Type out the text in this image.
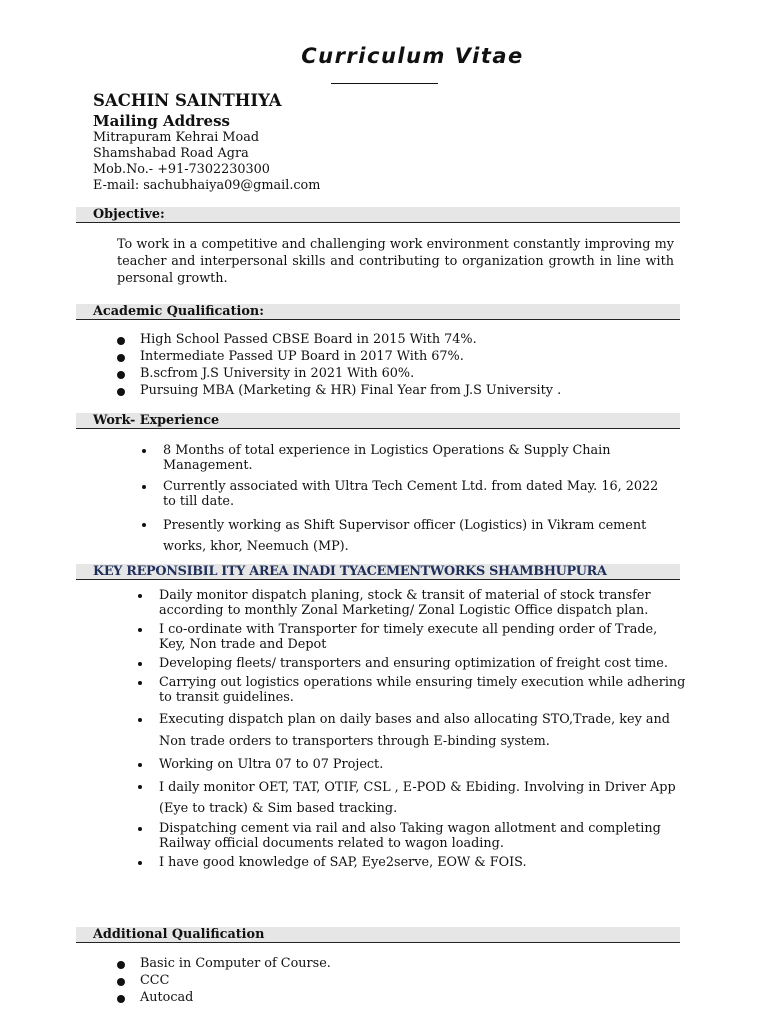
Curriculum Vitae
SACHIN SAINTHIYA
Mailing Address
Mitrapuram Kehrai Moad
Shamshabad Road Agra
Mob.No.- +91-7302230300
E-mail: sachubhaiya09@gmail.com
Objective:
To work in a competitive and challenging work environment constantly improving my teacher and interpersonal skills and contributing to organization growth in line with personal growth.
Academic Qualification:
High School Passed CBSE Board in 2015 With 74%.
Intermediate Passed UP Board in 2017 With 67%.
B.scfrom J.S University in 2021 With 60%.
Pursuing MBA (Marketing & HR) Final Year from J.S University .
Work- Experience
8 Months of total experience in Logistics Operations & Supply Chain Management.
Currently associated with Ultra Tech Cement Ltd. from dated May. 16, 2022 to till date.
Presently working as Shift Supervisor officer (Logistics) in Vikram cement works, khor, Neemuch (MP).
KEY REPONSIBIL ITY AREA INADI TYACEMENTWORKS SHAMBHUPURA
Daily monitor dispatch planing, stock & transit of material of stock transfer according to monthly Zonal Marketing/ Zonal Logistic Office dispatch plan.
I co-ordinate with Transporter for timely execute all pending order of Trade, Key, Non trade and Depot
Developing fleets/ transporters and ensuring optimization of freight cost time.
Carrying out logistics operations while ensuring timely execution while adhering to transit guidelines.
Executing dispatch plan on daily bases and also allocating STO,Trade, key and Non trade orders to transporters through E-binding system.
Working on Ultra 07 to 07 Project.
I daily monitor OET, TAT, OTIF, CSL , E-POD & Ebiding. Involving in Driver App (Eye to track) & Sim based tracking.
Dispatching cement via rail and also Taking wagon allotment and completing Railway official documents related to wagon loading.
I have good knowledge of SAP, Eye2serve, EOW & FOIS.
Additional Qualification
Basic in Computer of Course.
CCC
Autocad
